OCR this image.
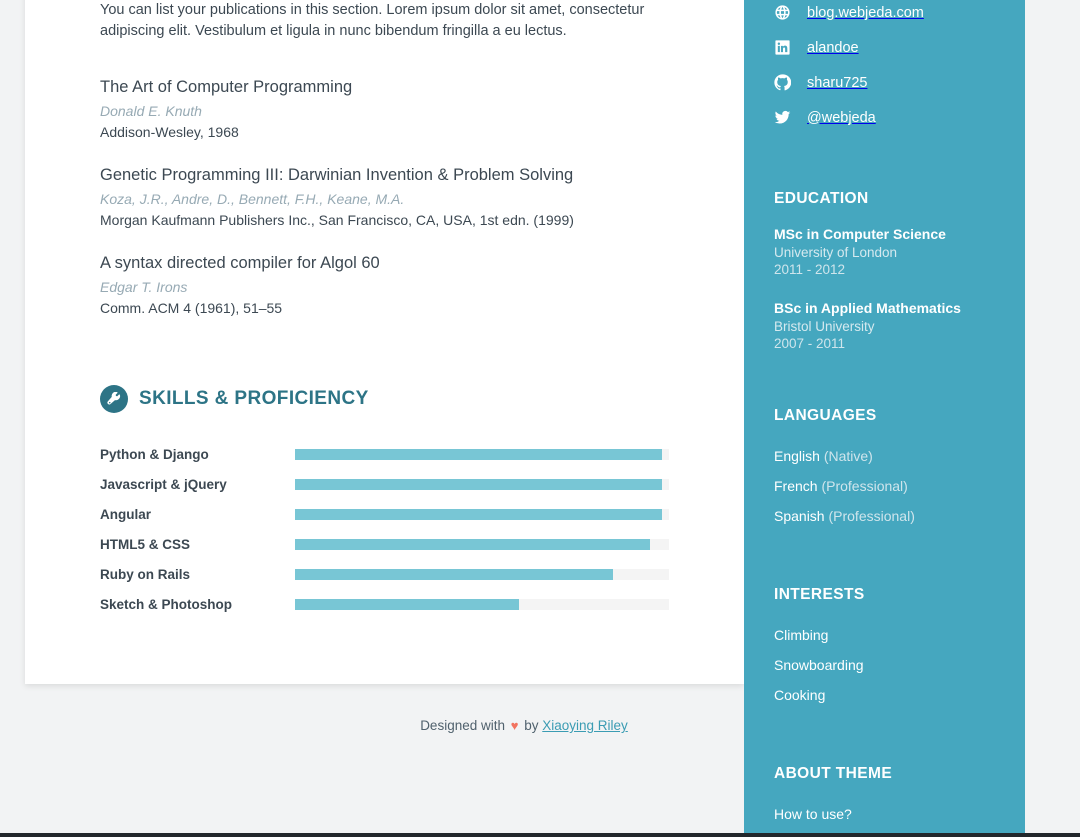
You can list your publications in this section. Lorem ipsum dolor sit amet, consectetur adipiscing elit. Vestibulum et ligula in nunc bibendum fringilla a eu lectus.

The Art of Computer Programming
Donald E. Knuth
Addison-Wesley, 1968
Genetic Programming III: Darwinian Invention & Problem Solving
Koza, J.R., Andre, D., Bennett, F.H., Keane, M.A.
Morgan Kaufmann Publishers Inc., San Francisco, CA, USA, 1st edn. (1999)
A syntax directed compiler for Algol 60
Edgar T. Irons
Comm. ACM 4 (1961), 51–55
SKILLS & PROFICIENCY
Python & Django
Javascript & jQuery
Angular
HTML5 & CSS
Ruby on Rails
Sketch & Photoshop
Designed with ♥ by Xiaoying Riley
blog.webjeda.com
alandoe
sharu725
@webjeda
EDUCATION
MSc in Computer Science
University of London
2011 - 2012
BSc in Applied Mathematics
Bristol University
2007 - 2011
LANGUAGES
English (Native)
French (Professional)
Spanish (Professional)
INTERESTS
Climbing
Snowboarding
Cooking
ABOUT THEME
How to use?
